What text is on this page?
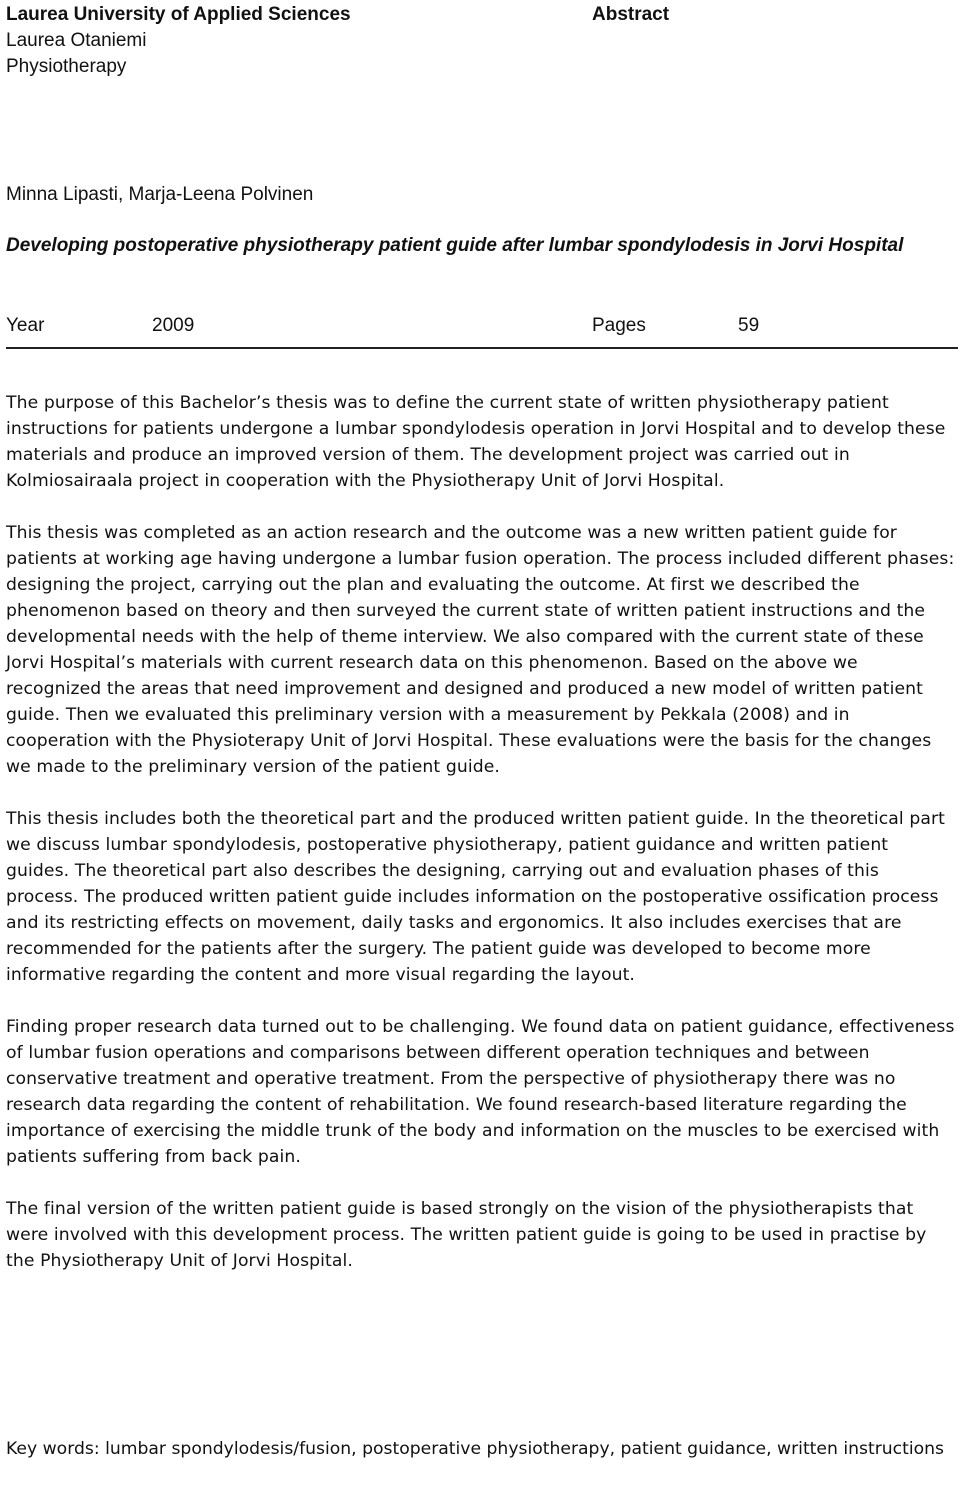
Laurea University of Applied Sciences
Laurea Otaniemi
Physiotherapy
Abstract
Minna Lipasti, Marja-Leena Polvinen
Developing postoperative physiotherapy patient guide after lumbar spondylodesis in Jorvi Hospital
Year	2009	Pages	59

The purpose of this Bachelor’s thesis was to define the current state of written physiotherapy patient instructions for patients undergone a lumbar spondylodesis operation in Jorvi Hospital and to develop these materials and produce an improved version of them. The development project was carried out in Kolmiosairaala project in cooperation with the Physiotherapy Unit of Jorvi Hospital.

This thesis was completed as an action research and the outcome was a new written patient guide for patients at working age having undergone a lumbar fusion operation. The process included different phases: designing the project, carrying out the plan and evaluating the outcome. At first we described the phenomenon based on theory and then surveyed the current state of written patient instructions and the developmental needs with the help of theme interview. We also compared with the current state of these Jorvi Hospital’s materials with current research data on this phenomenon. Based on the above we recognized the areas that need improvement and designed and produced a new model of written patient guide. Then we evaluated this preliminary version with a measurement by Pekkala (2008) and in cooperation with the Physioterapy Unit of Jorvi Hospital. These evaluations were the basis for the changes we made to the preliminary version of the patient guide.

This thesis includes both the theoretical part and the produced written patient guide. In the theoretical part we discuss lumbar spondylodesis, postoperative physiotherapy, patient guidance and written patient guides. The theoretical part also describes the designing, carrying out and evaluation phases of this process. The produced written patient guide includes information on the postoperative ossification process and its restricting effects on movement, daily tasks and ergonomics. It also includes exercises that are recommended for the patients after the surgery. The patient guide was developed to become more informative regarding the content and more visual regarding the layout.

Finding proper research data turned out to be challenging. We found data on patient guidance, effectiveness of lumbar fusion operations and comparisons between different operation techniques and between conservative treatment and operative treatment. From the perspective of physiotherapy there was no research data regarding the content of rehabilitation. We found research-based literature regarding the importance of exercising the middle trunk of the body and information on the muscles to be exercised with patients suffering from back pain.

The final version of the written patient guide is based strongly on the vision of the physiotherapists that were involved with this development process. The written patient guide is going to be used in practise by the Physiotherapy Unit of Jorvi Hospital.

Key words: lumbar spondylodesis/fusion, postoperative physiotherapy, patient guidance, written instructions
